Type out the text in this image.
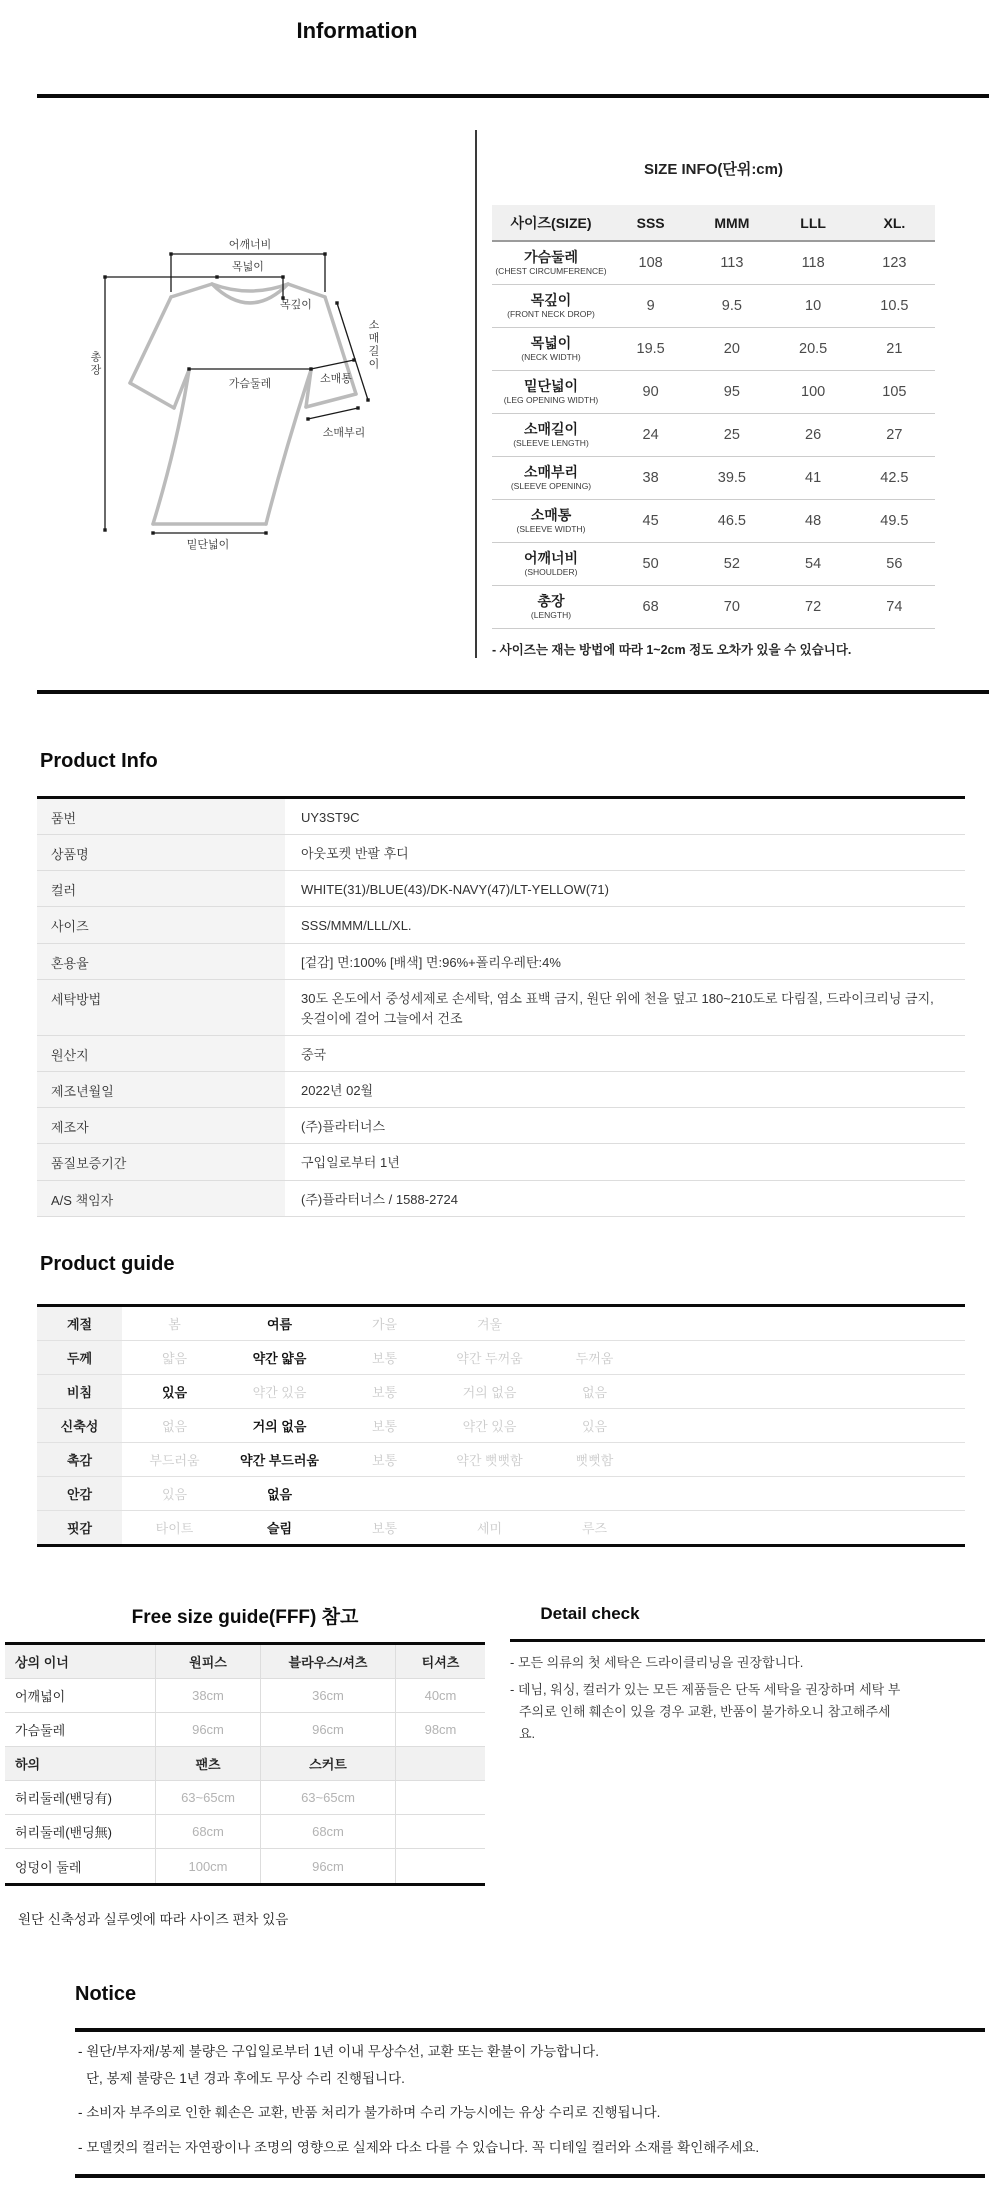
Information
어깨너비
목넓이
목깊이
총장
가슴둘레
소매길이
소매통
소매부리
밑단넓이
SIZE INFO(단위:cm)
사이즈(SIZE)	SSS	MMM	LLL	XL.
가슴둘레
(CHEST CIRCUMFERENCE)	108	113	118	123
목깊이
(FRONT NECK DROP)	9	9.5	10	10.5
목넓이
(NECK WIDTH)	19.5	20	20.5	21
밑단넓이
(LEG OPENING WIDTH)	90	95	100	105
소매길이
(SLEEVE LENGTH)	24	25	26	27
소매부리
(SLEEVE OPENING)	38	39.5	41	42.5
소매통
(SLEEVE WIDTH)	45	46.5	48	49.5
어깨너비
(SHOULDER)	50	52	54	56
총장
(LENGTH)	68	70	72	74
- 사이즈는 재는 방법에 따라 1~2cm 정도 오차가 있을 수 있습니다.
Product Info
품번	UY3ST9C
상품명	아웃포켓 반팔 후디
컬러	WHITE(31)/BLUE(43)/DK-NAVY(47)/LT-YELLOW(71)
사이즈	SSS/MMM/LLL/XL.
혼용율	[겉감] 면:100% [배색] 면:96%+폴리우레탄:4%
세탁방법	30도 온도에서 중성세제로 손세탁, 염소 표백 금지, 원단 위에 천을 덮고 180~210도로 다림질, 드라이크리닝 금지, 옷걸이에 걸어 그늘에서 건조
원산지	중국
제조년월일	2022년 02월
제조자	(주)플라터너스
품질보증기간	구입일로부터 1년
A/S 책임자	(주)플라터너스 / 1588-2724
Product guide
계절	봄	여름	가을	겨울
두께	얇음	약간 얇음	보통	약간 두꺼움	두꺼움
비침	있음	약간 있음	보통	거의 없음	없음
신축성	없음	거의 없음	보통	약간 있음	있음
촉감	부드러움	약간 부드러움	보통	약간 뻣뻣함	뻣뻣함
안감	있음	없음
핏감	타이트	슬림	보통	세미	루즈
Free size guide(FFF) 참고
상의 이너	원피스	블라우스/셔츠	티셔츠
어깨넓이	38cm	36cm	40cm
가슴둘레	96cm	96cm	98cm
하의	팬츠	스커트
허리둘레(밴딩有)	63~65cm	63~65cm
허리둘레(밴딩無)	68cm	68cm
엉덩이 둘레	100cm	96cm
원단 신축성과 실루엣에 따라 사이즈 편차 있음
Detail check
- 모든 의류의 첫 세탁은 드라이클리닝을 권장합니다.
- 데님, 워싱, 컬러가 있는 모든 제품들은 단독 세탁을 권장하며 세탁 부주의로 인해 훼손이 있을 경우 교환, 반품이 불가하오니 참고해주세요.
Notice
- 원단/부자재/봉제 불량은 구입일로부터 1년 이내 무상수선, 교환 또는 환불이 가능합니다.
단, 봉제 불량은 1년 경과 후에도 무상 수리 진행됩니다.
- 소비자 부주의로 인한 훼손은 교환, 반품 처리가 불가하며 수리 가능시에는 유상 수리로 진행됩니다.
- 모델컷의 컬러는 자연광이나 조명의 영향으로 실제와 다소 다를 수 있습니다. 꼭 디테일 컬러와 소재를 확인해주세요.
